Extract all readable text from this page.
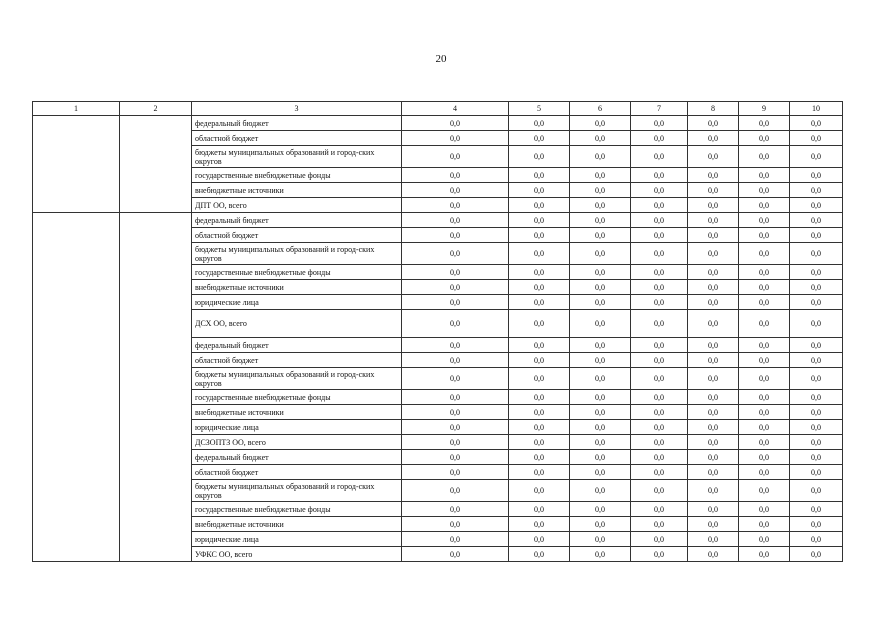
20
1	2	3	4	5	6	7	8	9	10
		федеральный бюджет	0,0	0,0	0,0	0,0	0,0	0,0	0,0
		областной бюджет	0,0	0,0	0,0	0,0	0,0	0,0	0,0
		бюджеты муниципальных образований и город-ских округов	0,0	0,0	0,0	0,0	0,0	0,0	0,0
		государственные внебюджетные фонды	0,0	0,0	0,0	0,0	0,0	0,0	0,0
		внебюджетные источники	0,0	0,0	0,0	0,0	0,0	0,0	0,0
		ДПТ ОО, всего	0,0	0,0	0,0	0,0	0,0	0,0	0,0
		федеральный бюджет	0,0	0,0	0,0	0,0	0,0	0,0	0,0
		областной бюджет	0,0	0,0	0,0	0,0	0,0	0,0	0,0
		бюджеты муниципальных образований и город-ских округов	0,0	0,0	0,0	0,0	0,0	0,0	0,0
		государственные внебюджетные фонды	0,0	0,0	0,0	0,0	0,0	0,0	0,0
		внебюджетные источники	0,0	0,0	0,0	0,0	0,0	0,0	0,0
		юридические лица	0,0	0,0	0,0	0,0	0,0	0,0	0,0
		ДСХ ОО, всего	0,0	0,0	0,0	0,0	0,0	0,0	0,0
		федеральный бюджет	0,0	0,0	0,0	0,0	0,0	0,0	0,0
		областной бюджет	0,0	0,0	0,0	0,0	0,0	0,0	0,0
		бюджеты муниципальных образований и город-ских округов	0,0	0,0	0,0	0,0	0,0	0,0	0,0
		государственные внебюджетные фонды	0,0	0,0	0,0	0,0	0,0	0,0	0,0
		внебюджетные источники	0,0	0,0	0,0	0,0	0,0	0,0	0,0
		юридические лица	0,0	0,0	0,0	0,0	0,0	0,0	0,0
		ДСЗОПТЗ ОО, всего	0,0	0,0	0,0	0,0	0,0	0,0	0,0
		федеральный бюджет	0,0	0,0	0,0	0,0	0,0	0,0	0,0
		областной бюджет	0,0	0,0	0,0	0,0	0,0	0,0	0,0
		бюджеты муниципальных образований и город-ских округов	0,0	0,0	0,0	0,0	0,0	0,0	0,0
		государственные внебюджетные фонды	0,0	0,0	0,0	0,0	0,0	0,0	0,0
		внебюджетные источники	0,0	0,0	0,0	0,0	0,0	0,0	0,0
		юридические лица	0,0	0,0	0,0	0,0	0,0	0,0	0,0
		УФКС ОО, всего	0,0	0,0	0,0	0,0	0,0	0,0	0,0
